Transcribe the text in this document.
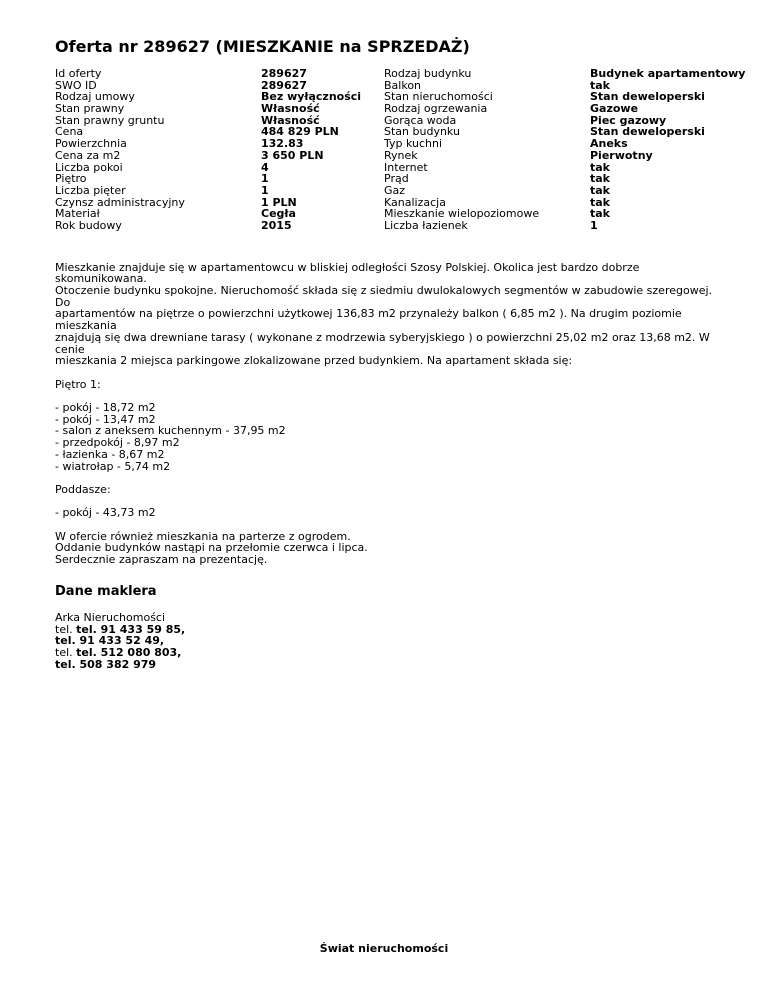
Oferta nr 289627 (MIESZKANIE na SPRZEDAŻ)
Id oferty
SWO ID
Rodzaj umowy
Stan prawny
Stan prawny gruntu
Cena
Powierzchnia
Cena za m2
Liczba pokoi
Piętro
Liczba pięter
Czynsz administracyjny
Materiał
Rok budowy
289627
289627
Bez wyłączności
Własność
Własność
484 829 PLN
132.83
3 650 PLN
4
1
1
1 PLN
Cegła
2015
Rodzaj budynku
Balkon
Stan nieruchomości
Rodzaj ogrzewania
Gorąca woda
Stan budynku
Typ kuchni
Rynek
Internet
Prąd
Gaz
Kanalizacja
Mieszkanie wielopoziomowe
Liczba łazienek
Budynek apartamentowy
tak
Stan deweloperski
Gazowe
Piec gazowy
Stan deweloperski
Aneks
Pierwotny
tak
tak
tak
tak
tak
1

Mieszkanie znajduje się w apartamentowcu w bliskiej odległości Szosy Polskiej. Okolica jest bardzo dobrze skomunikowana.
Otoczenie budynku spokojne. Nieruchomość składa się z siedmiu dwulokalowych segmentów w zabudowie szeregowej. Do
apartamentów na piętrze o powierzchni użytkowej 136,83 m2 przynależy balkon ( 6,85 m2 ). Na drugim poziomie mieszkania
znajdują się dwa drewniane tarasy ( wykonane z modrzewia syberyjskiego ) o powierzchni 25,02 m2 oraz 13,68 m2. W cenie
mieszkania 2 miejsca parkingowe zlokalizowane przed budynkiem. Na apartament składa się:

Piętro 1:

- pokój - 18,72 m2
- pokój - 13,47 m2
- salon z aneksem kuchennym - 37,95 m2
- przedpokój - 8,97 m2
- łazienka - 8,67 m2
- wiatrołap - 5,74 m2

Poddasze:

- pokój - 43,73 m2

W ofercie również mieszkania na parterze z ogrodem.
Oddanie budynków nastąpi na przełomie czerwca i lipca.
Serdecznie zapraszam na prezentację.

Dane maklera
Arka Nieruchomości
tel. tel. 91 433 59 85,
tel. 91 433 52 49,
tel. tel. 512 080 803,
tel. 508 382 979
Świat nieruchomości
